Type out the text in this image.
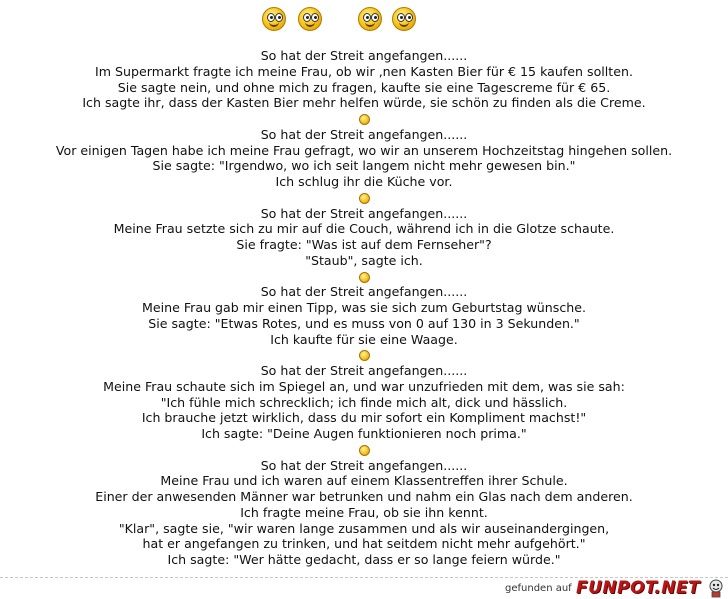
So hat der Streit angefangen......
Im Supermarkt fragte ich meine Frau, ob wir ‚nen Kasten Bier für € 15 kaufen sollten.
Sie sagte nein, und ohne mich zu fragen, kaufte sie eine Tagescreme für € 65.
Ich sagte ihr, dass der Kasten Bier mehr helfen würde, sie schön zu finden als die Creme.
So hat der Streit angefangen......
Vor einigen Tagen habe ich meine Frau gefragt, wo wir an unserem Hochzeitstag hingehen sollen.
Sie sagte: "Irgendwo, wo ich seit langem nicht mehr gewesen bin."
Ich schlug ihr die Küche vor.
So hat der Streit angefangen......
Meine Frau setzte sich zu mir auf die Couch, während ich in die Glotze schaute.
Sie fragte: "Was ist auf dem Fernseher"?
"Staub", sagte ich.
So hat der Streit angefangen......
Meine Frau gab mir einen Tipp, was sie sich zum Geburtstag wünsche.
Sie sagte: "Etwas Rotes, und es muss von 0 auf 130 in 3 Sekunden."
Ich kaufte für sie eine Waage.
So hat der Streit angefangen......
Meine Frau schaute sich im Spiegel an, und war unzufrieden mit dem, was sie sah:
"Ich fühle mich schrecklich; ich finde mich alt, dick und hässlich.
Ich brauche jetzt wirklich, dass du mir sofort ein Kompliment machst!"
Ich sagte: "Deine Augen funktionieren noch prima."
So hat der Streit angefangen......
Meine Frau und ich waren auf einem Klassentreffen ihrer Schule.
Einer der anwesenden Männer war betrunken und nahm ein Glas nach dem anderen.
Ich fragte meine Frau, ob sie ihn kennt.
"Klar", sagte sie, "wir waren lange zusammen und als wir auseinandergingen,
hat er angefangen zu trinken, und hat seitdem nicht mehr aufgehört."
Ich sagte: "Wer hätte gedacht, dass er so lange feiern würde."
gefunden auf FUNPOT.NET
